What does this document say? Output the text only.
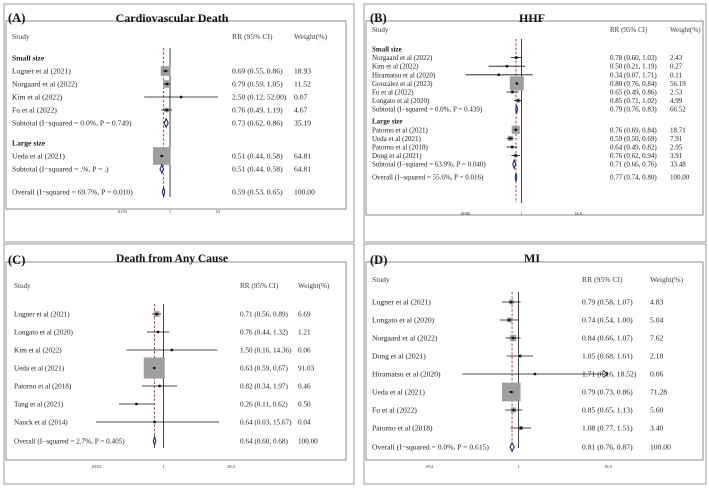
(A)	Cardiovascular Death
Study	RR (95% CI)	Weight(%)
Small size
Lugner et al (2021)	0.69 (0.55, 0.86) 18.93
Norgaard et al (2022)	0.79 (0.59, 1.05) 11.52
Kim et al (2022)	2.50 (0.12, 52.00) 0.07
Fu et al (2022)	0.76 (0.49, 1.19) 4.67
Subtotal (I−squared = 0.0%, P = 0.749)	0.73 (0.62, 0.86) 35.19
Large size
Ueda et al (2021)	0.51 (0.44, 0.58) 64.81
Subtotal (I−squared = .%, P = .)	0.51 (0.44, 0.58) 64.81
Overall (I−squared = 69.7%, P = 0.010)	0.59 (0.53, 0.65) 100.00
.0192	1	52
(B)	HHF
Study	RR (95% CI)	Weight(%)
Small size
Norgaard et al (2022)	0.78 (0.60, 1.03) 2.43
Kim et al (2022)	0.50 (0.21, 1.19) 0.27
Hiramatsu et al (2020)	0.34 (0.07, 1.71) 0.11
Gonzalez et al (2023)	0.80 (0.76, 0.84) 56.19
Fu et al (2022)	0.65 (0.49, 0.86) 2.53
Longato et al (2020)	0.85 (0.71, 1.02) 4.99
Subtotal (I−squared = 0.0%, P = 0.439)	0.79 (0.76, 0.83) 66.52
Large size
Patorno et al (2021)	0.76 (0.69, 0.84) 18.71
Ueda et al (2021)	0.59 (0.50, 0.69) 7.91
Patorno et al (2018)	0.64 (0.49, 0.82) 2.95
Dong et al (2021)	0.76 (0.62, 0.94) 3.91
Subtotal (I−squared = 63.9%, P = 0.040)	0.71 (0.66, 0.76) 33.48
Overall (I−squared = 55.6%, P = 0.016)	0.77 (0.74, 0.80) 100.00
.0686	1	14.6
(C)	Death from Any Cause
Study	RR (95% CI)	Weight(%)
Lugner et al (2021)	0.71 (0.56, 0.89) 6.69
Longato et al (2020)	0.76 (0.44, 1.32) 1.21
Kim et al (2022)	1.50 (0.16, 14.36) 0.06
Ueda et al (2021)	0.63 (0.59, 0.67) 91.03
Patorno et al (2018)	0.82 (0.34, 1.97) 0.46
Tang et al (2021)	0.26 (0.11, 0.62) 0.50
Nauck et al (2014)	0.64 (0.03, 15.67) 0.04
Overall (I−squared = 2.7%, P = 0.405)	0.64 (0.60, 0.68) 100.00
.0352	1	28.2
(D)	MI
Study	RR (95% CI)	Weight(%)
Lugner et al (2021)	0.79 (0.58, 1.07) 4.83
Longato et al (2020)	0.74 (0.54, 1.00) 5.04
Norgaard et al (2022)	0.84 (0.66, 1.07) 7.62
Dong et al (2021)	1.05 (0.68, 1.61) 2.18
Hiramatsu et al (2020)	1.71 (0.16, 18.52) 0.06
Ueda et al (2021)	0.79 (0.73, 0.86) 71.28
Fu et al (2022)	0.85 (0.65, 1.13) 5.60
Patorno et al (2018)	1.08 (0.77, 1.51) 3.40
Overall (I−squared = 0.0%, P = 0.615)	0.81 (0.76, 0.87) 100.00
.054	1	18.5
